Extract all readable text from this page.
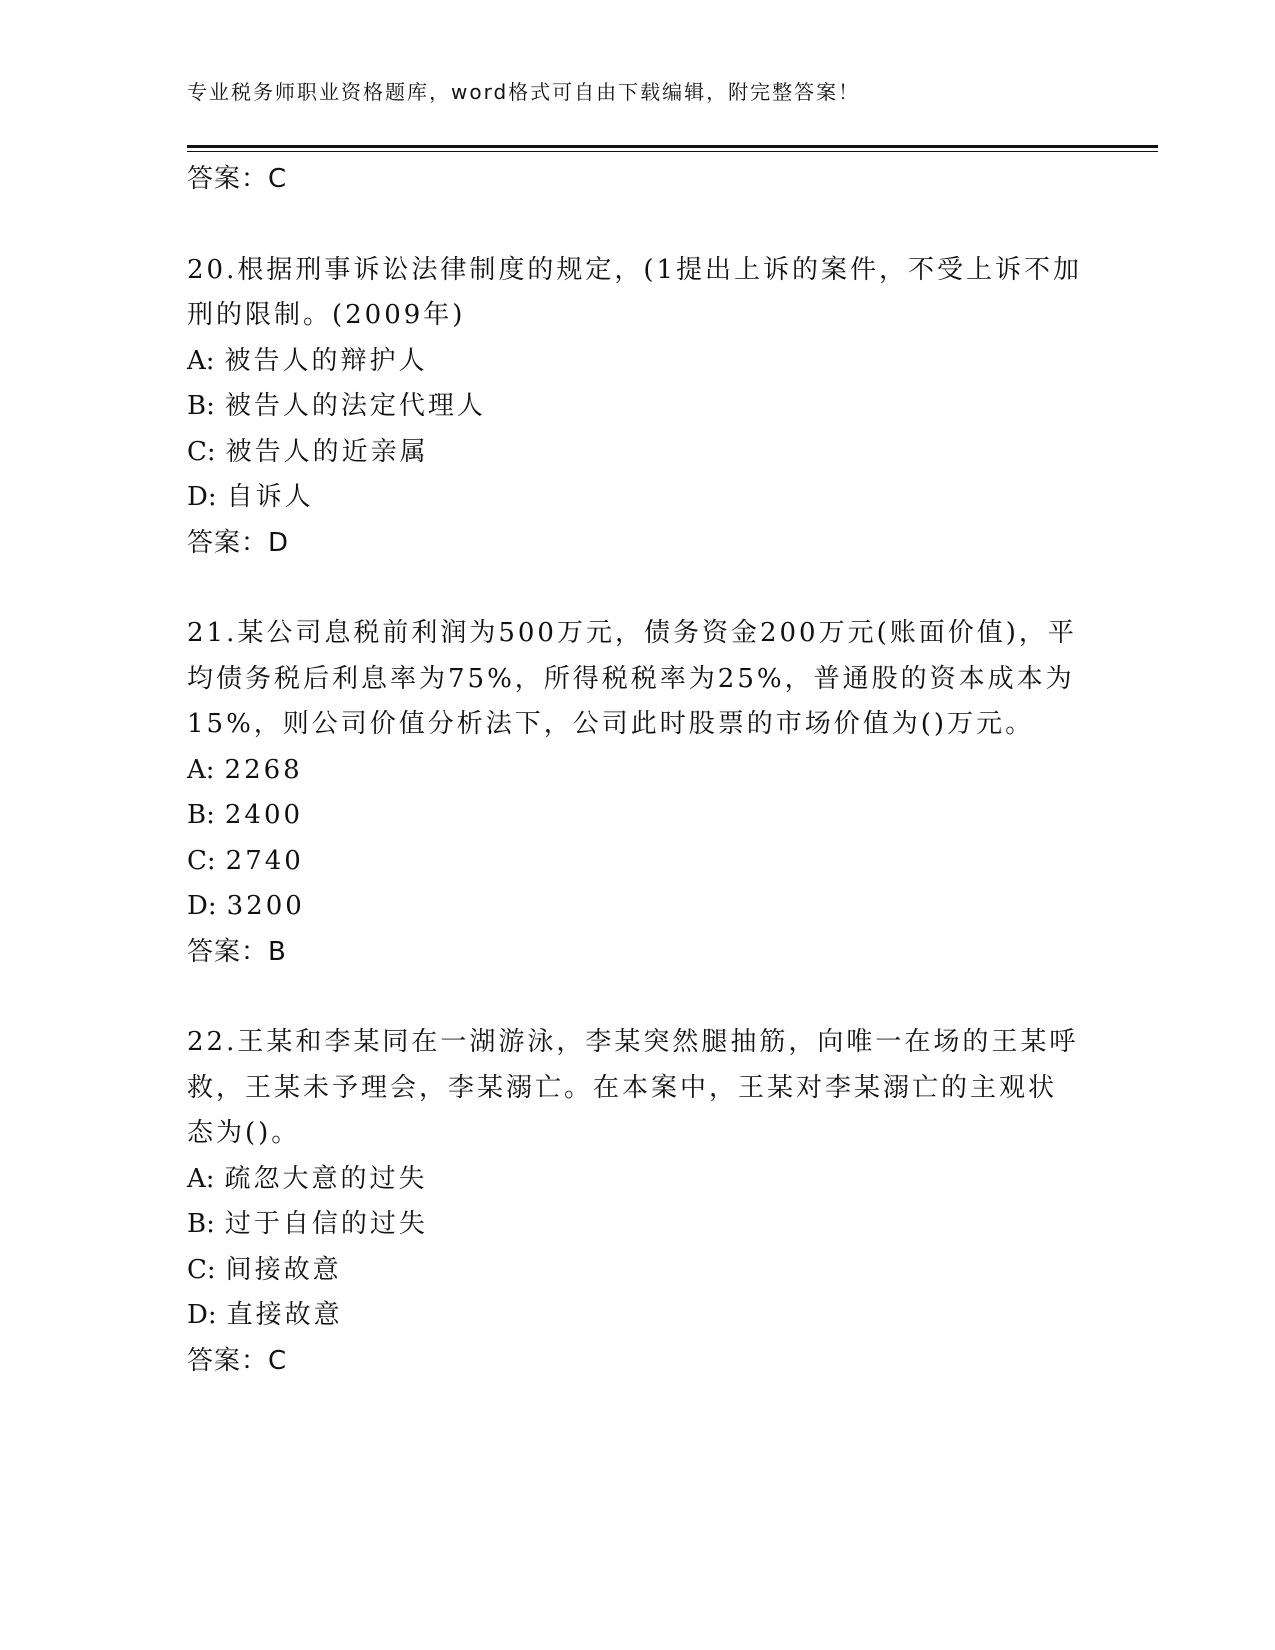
专业税务师职业资格题库，word格式可自由下载编辑，附完整答案！
答案：C
20.根据刑事诉讼法律制度的规定，(1提出上诉的案件，不受上诉不加
刑的限制。(2009年)
A: 被告人的辩护人
B: 被告人的法定代理人
C: 被告人的近亲属
D: 自诉人
答案：D
21.某公司息税前利润为500万元，债务资金200万元(账面价值)，平
均债务税后利息率为75%，所得税税率为25%，普通股的资本成本为
15%，则公司价值分析法下，公司此时股票的市场价值为()万元。
A: 2268
B: 2400
C: 2740
D: 3200
答案：B
22.王某和李某同在一湖游泳，李某突然腿抽筋，向唯一在场的王某呼
救，王某未予理会，李某溺亡。在本案中，王某对李某溺亡的主观状
态为()。
A: 疏忽大意的过失
B: 过于自信的过失
C: 间接故意
D: 直接故意
答案：C
